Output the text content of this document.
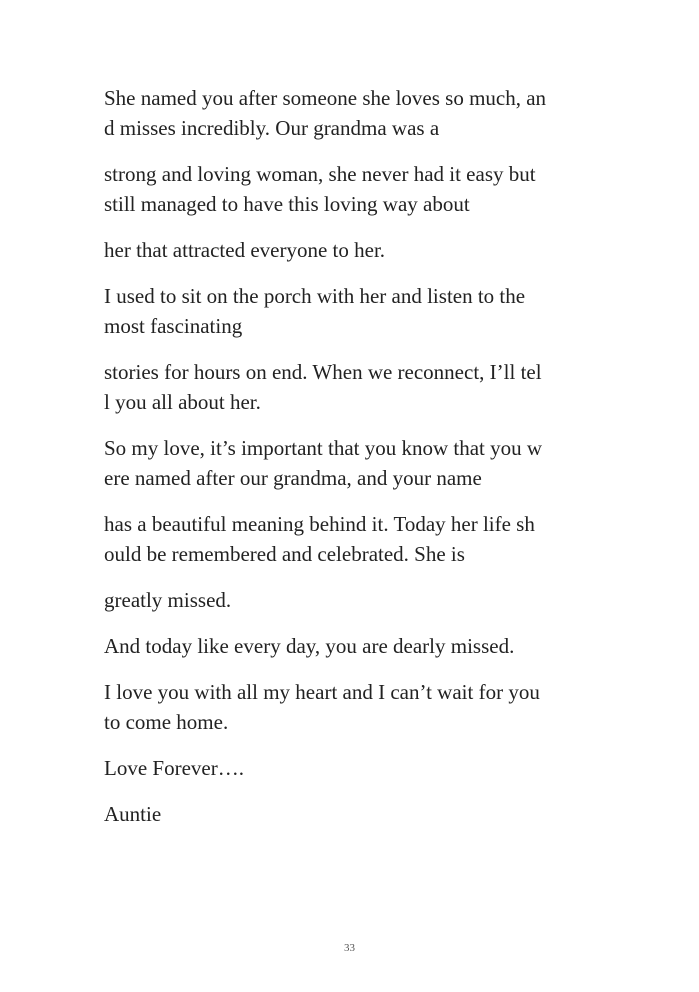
She named you after someone she loves so much, an
d misses incredibly. Our grandma was a

strong and loving woman, she never had it easy but
still managed to have this loving way about

her that attracted everyone to her.

I used to sit on the porch with her and listen to the
most fascinating

stories for hours on end. When we reconnect, I’ll tel
l you all about her.

So my love, it’s important that you know that you w
ere named after our grandma, and your name

has a beautiful meaning behind it. Today her life sh
ould be remembered and celebrated. She is

greatly missed.

And today like every day, you are dearly missed.

I love you with all my heart and I can’t wait for you
to come home.

Love Forever….

Auntie

33
